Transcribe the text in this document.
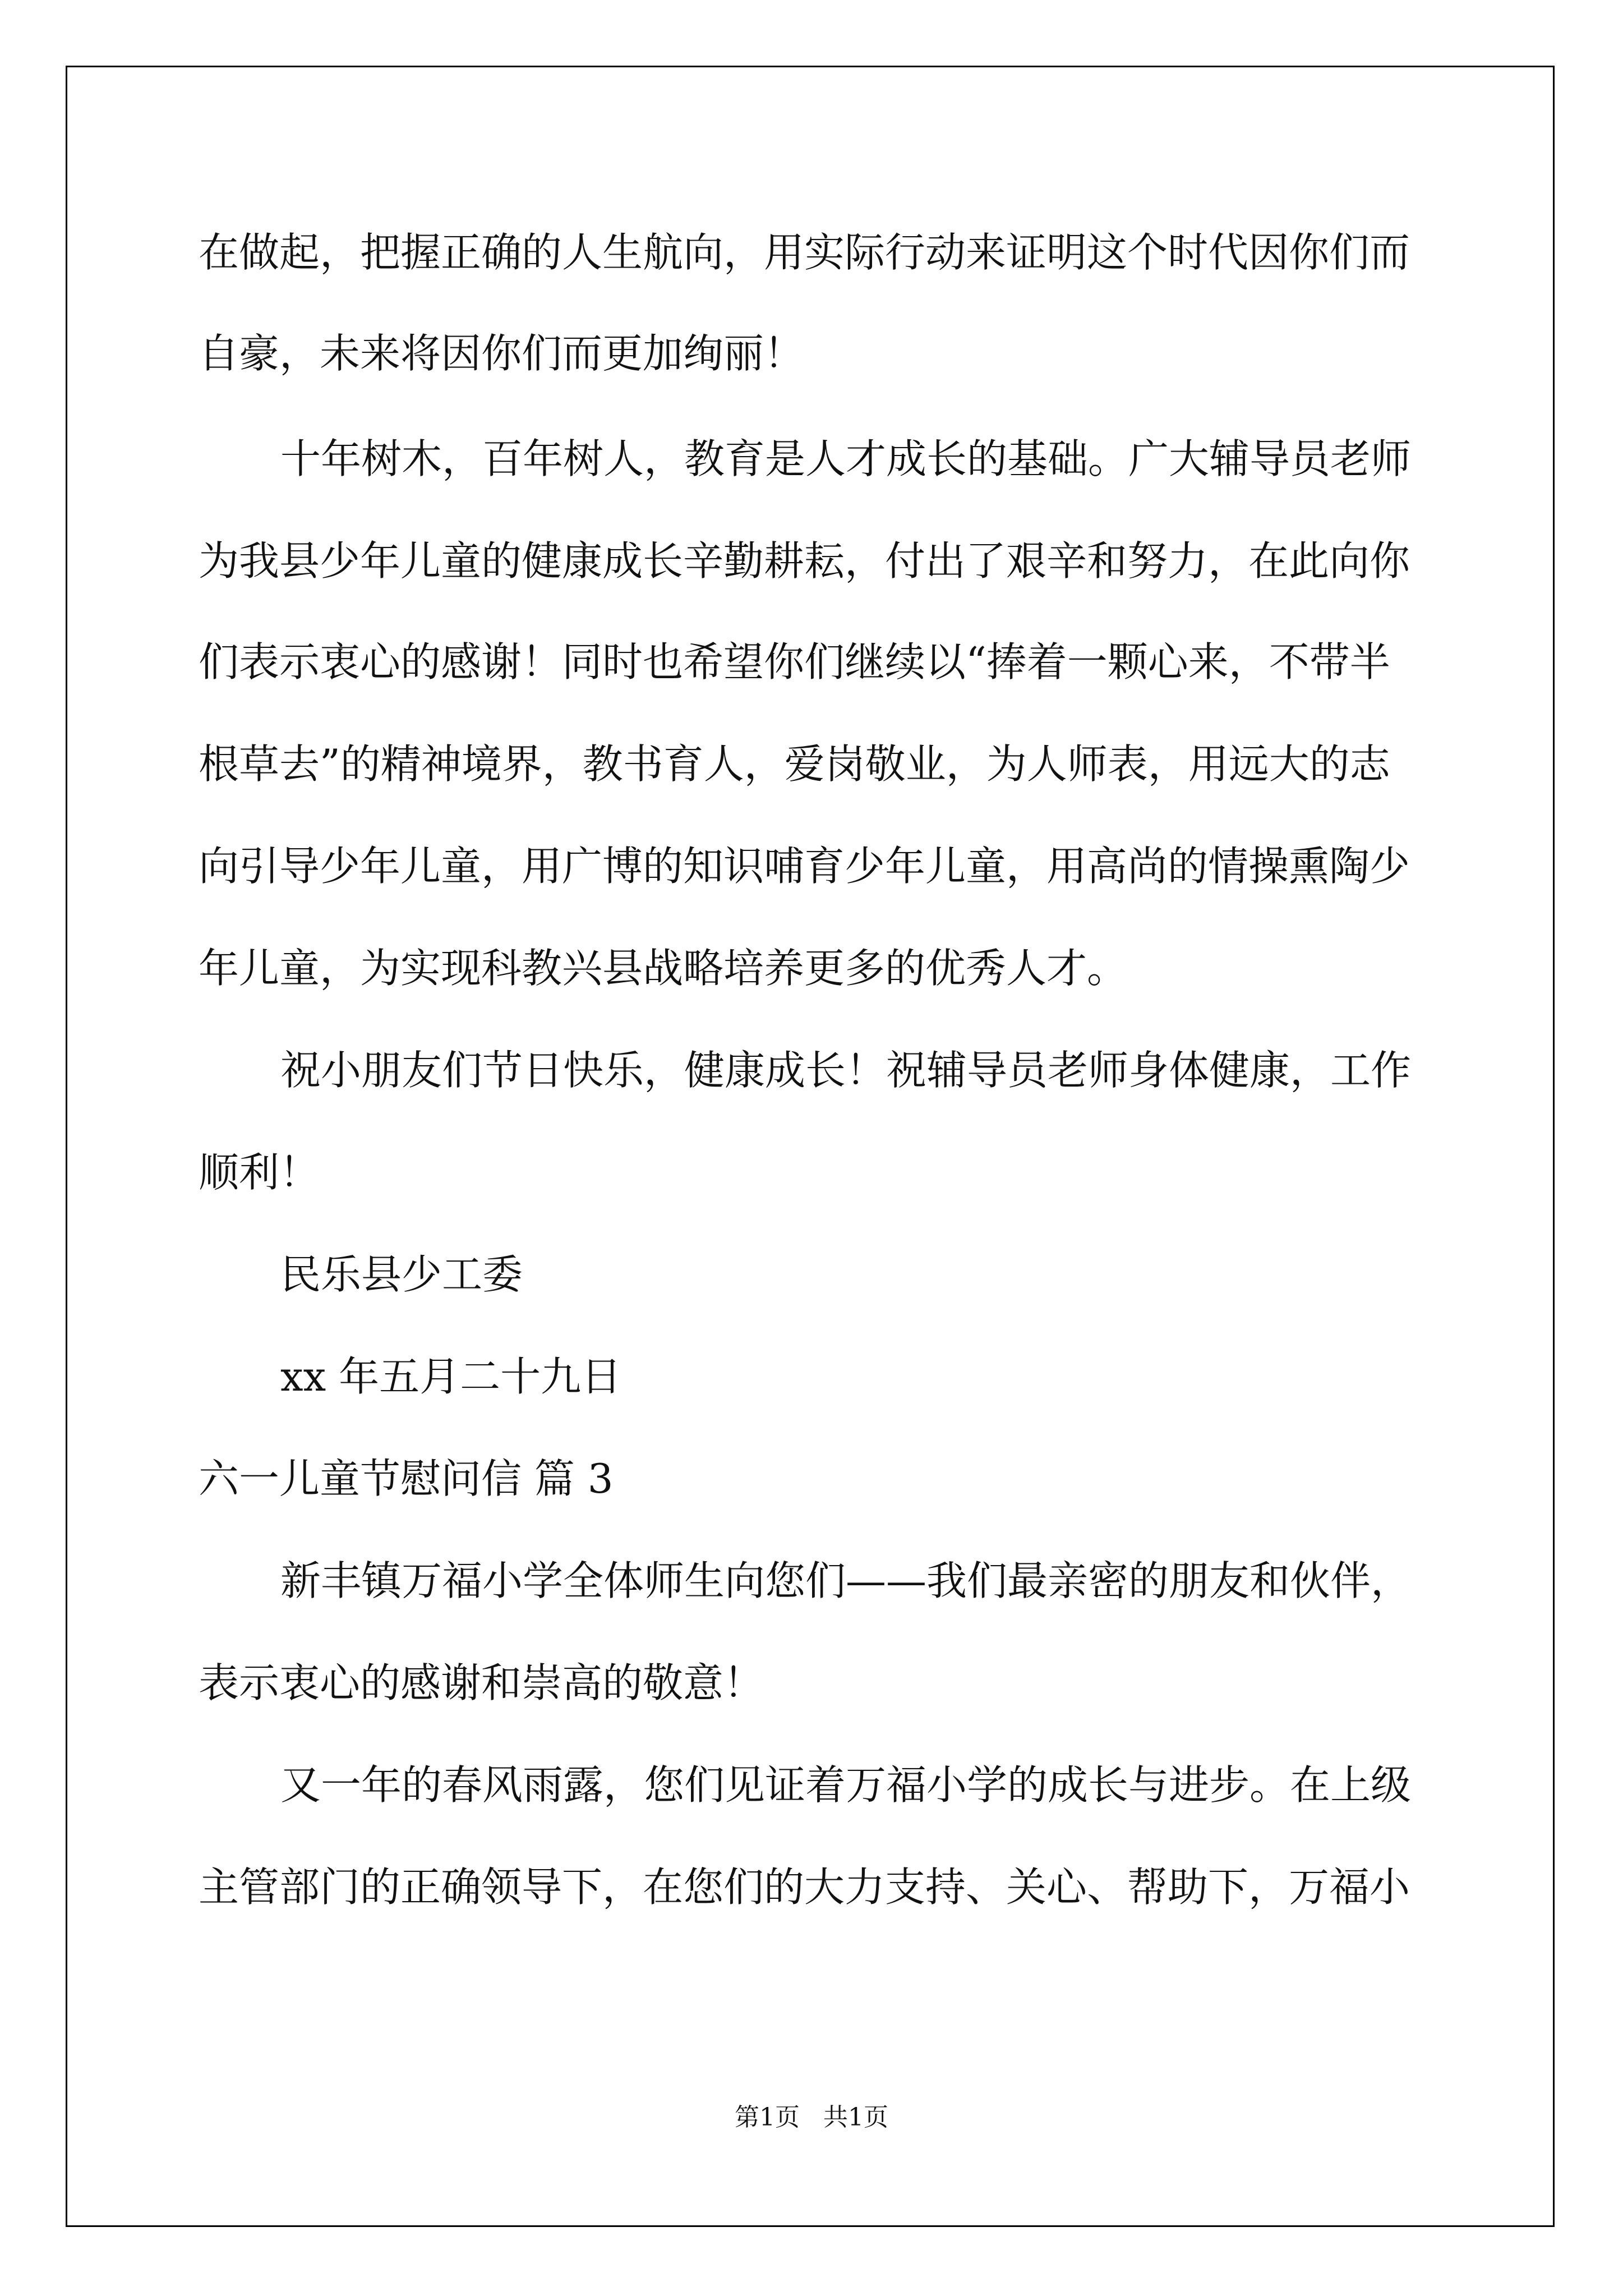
在做起，把握正确的人生航向，用实际行动来证明这个时代因你们而

自豪，未来将因你们而更加绚丽！

十年树木，百年树人，教育是人才成长的基础。广大辅导员老师

为我县少年儿童的健康成长辛勤耕耘，付出了艰辛和努力，在此向你

们表示衷心的感谢！同时也希望你们继续以“捧着一颗心来，不带半

根草去”的精神境界，教书育人，爱岗敬业，为人师表，用远大的志

向引导少年儿童，用广博的知识哺育少年儿童，用高尚的情操熏陶少

年儿童，为实现科教兴县战略培养更多的优秀人才。

祝小朋友们节日快乐，健康成长！祝辅导员老师身体健康，工作

顺利！

民乐县少工委

xx 年五月二十九日

六一儿童节慰问信 篇 3

新丰镇万福小学全体师生向您们——我们最亲密的朋友和伙伴，

表示衷心的感谢和崇高的敬意！

又一年的春风雨露，您们见证着万福小学的成长与进步。在上级

主管部门的正确领导下，在您们的大力支持、关心、帮助下，万福小

第1页   共1页
